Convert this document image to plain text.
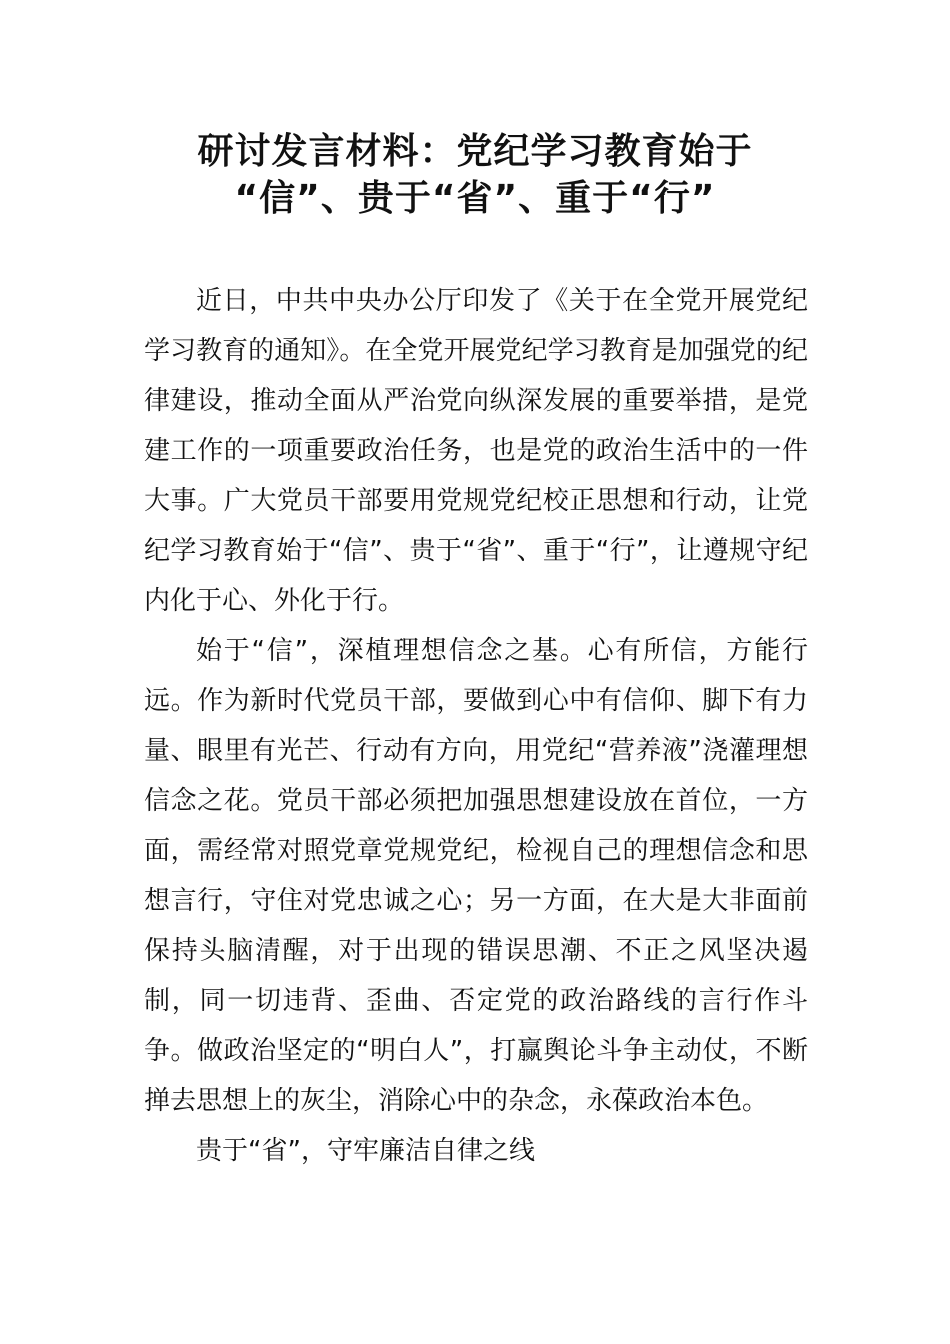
研讨发言材料：党纪学习教育始于
“信”、贵于“省”、重于“行”

近日，中共中央办公厅印发了《关于在全党开展党纪学习教育的通知》。在全党开展党纪学习教育是加强党的纪律建设，推动全面从严治党向纵深发展的重要举措，是党建工作的一项重要政治任务，也是党的政治生活中的一件大事。广大党员干部要用党规党纪校正思想和行动，让党纪学习教育始于“信”、贵于“省”、重于“行”，让遵规守纪内化于心、外化于行。

始于“信”，深植理想信念之基。心有所信，方能行远。作为新时代党员干部，要做到心中有信仰、脚下有力量、眼里有光芒、行动有方向，用党纪“营养液”浇灌理想信念之花。党员干部必须把加强思想建设放在首位，一方面，需经常对照党章党规党纪，检视自己的理想信念和思想言行，守住对党忠诚之心；另一方面，在大是大非面前保持头脑清醒，对于出现的错误思潮、不正之风坚决遏制，同一切违背、歪曲、否定党的政治路线的言行作斗争。做政治坚定的“明白人”，打赢舆论斗争主动仗，不断掸去思想上的灰尘，消除心中的杂念，永葆政治本色。

贵于“省”，守牢廉洁自律之线
